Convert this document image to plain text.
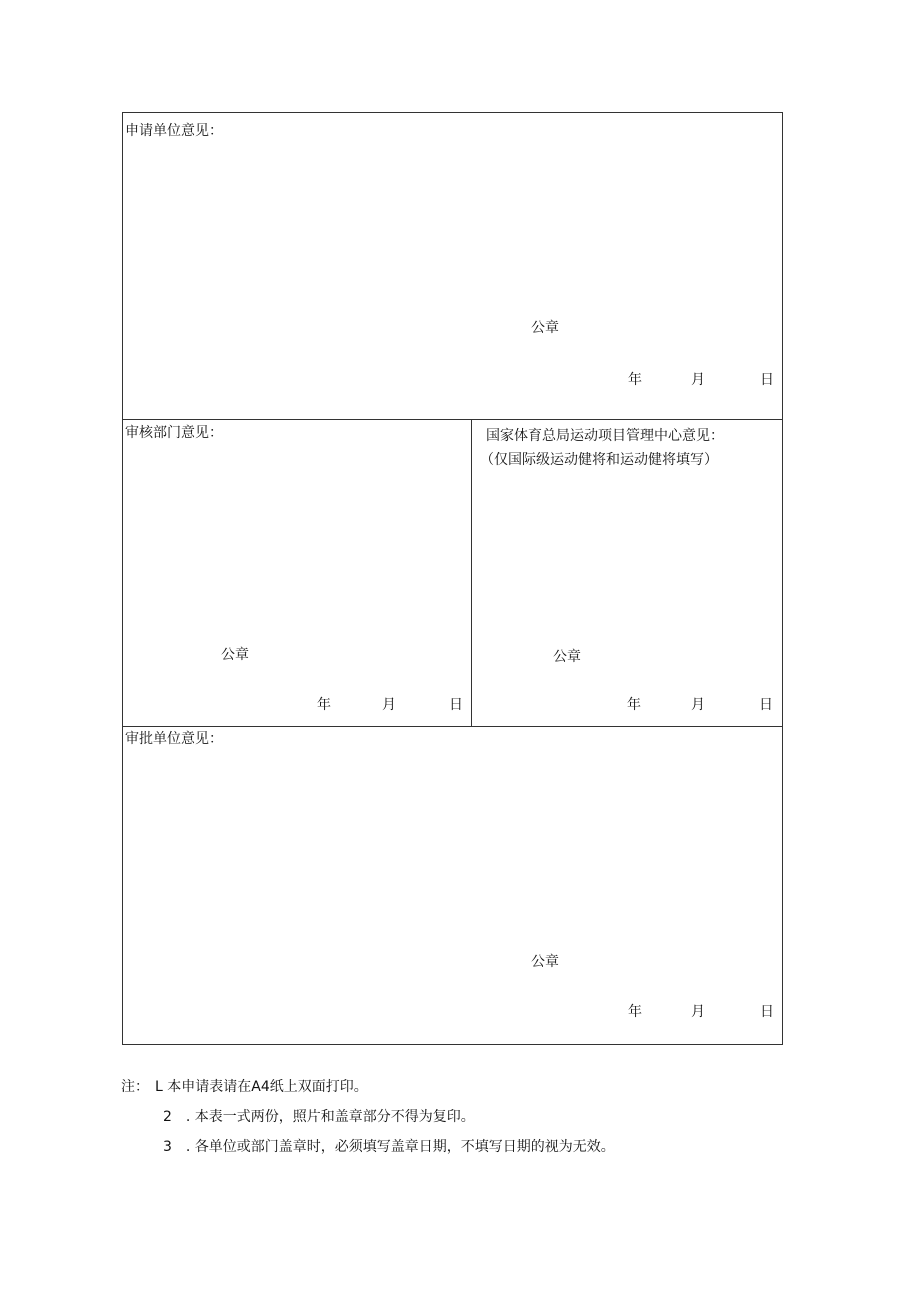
申请单位意见：
公章
年	月	日
审核部门意见：
公章
年	月	日
国家体育总局运动项目管理中心意见：
（仅国际级运动健将和运动健将填写）
公章
年	月	日
审批单位意见：
公章
年	月	日
注： L 本申请表请在A4纸上双面打印。
2　. 本表一式两份，照片和盖章部分不得为复印。
3　. 各单位或部门盖章时，必须填写盖章日期，不填写日期的视为无效。
